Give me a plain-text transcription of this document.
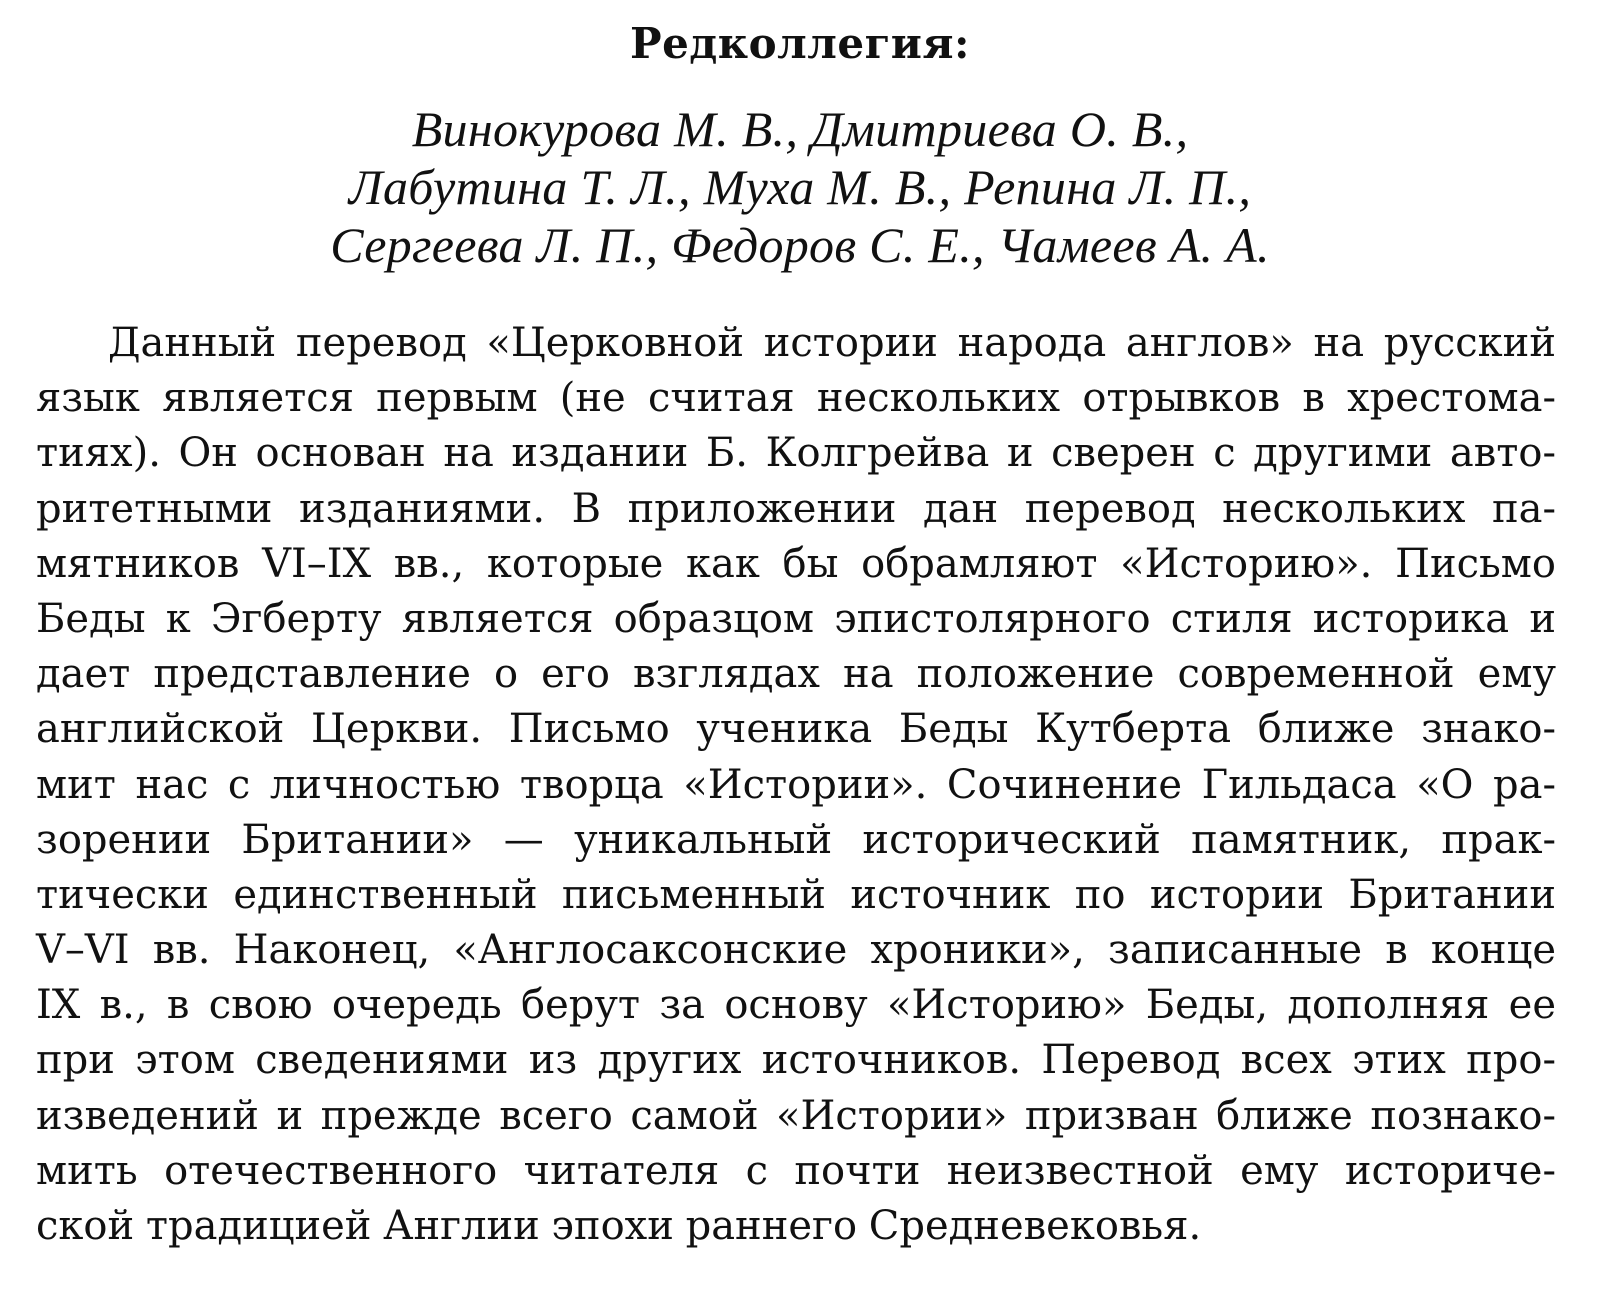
Редколлегия:
Винокурова М. В., Дмитриева О. В.,
Лабутина Т. Л., Муха М. В., Репина Л. П.,
Сергеева Л. П., Федоров С. Е., Чамеев А. А.
Данный перевод «Церковной истории народа англов» на русский
язык является первым (не считая нескольких отрывков в хрестома-
тиях). Он основан на издании Б. Колгрейва и сверен с другими авто-
ритетными изданиями. В приложении дан перевод нескольких па-
мятников VI–IX вв., которые как бы обрамляют «Историю». Письмо
Беды к Эгберту является образцом эпистолярного стиля историка и
дает представление о его взглядах на положение современной ему
английской Церкви. Письмо ученика Беды Кутберта ближе знако-
мит нас с личностью творца «Истории». Сочинение Гильдаса «О ра-
зорении Британии» — уникальный исторический памятник, прак-
тически единственный письменный источник по истории Британии
V–VI вв. Наконец, «Англосаксонские хроники», записанные в конце
IX в., в свою очередь берут за основу «Историю» Беды, дополняя ее
при этом сведениями из других источников. Перевод всех этих про-
изведений и прежде всего самой «Истории» призван ближе познако-
мить отечественного читателя с почти неизвестной ему историче-
ской традицией Англии эпохи раннего Средневековья.
